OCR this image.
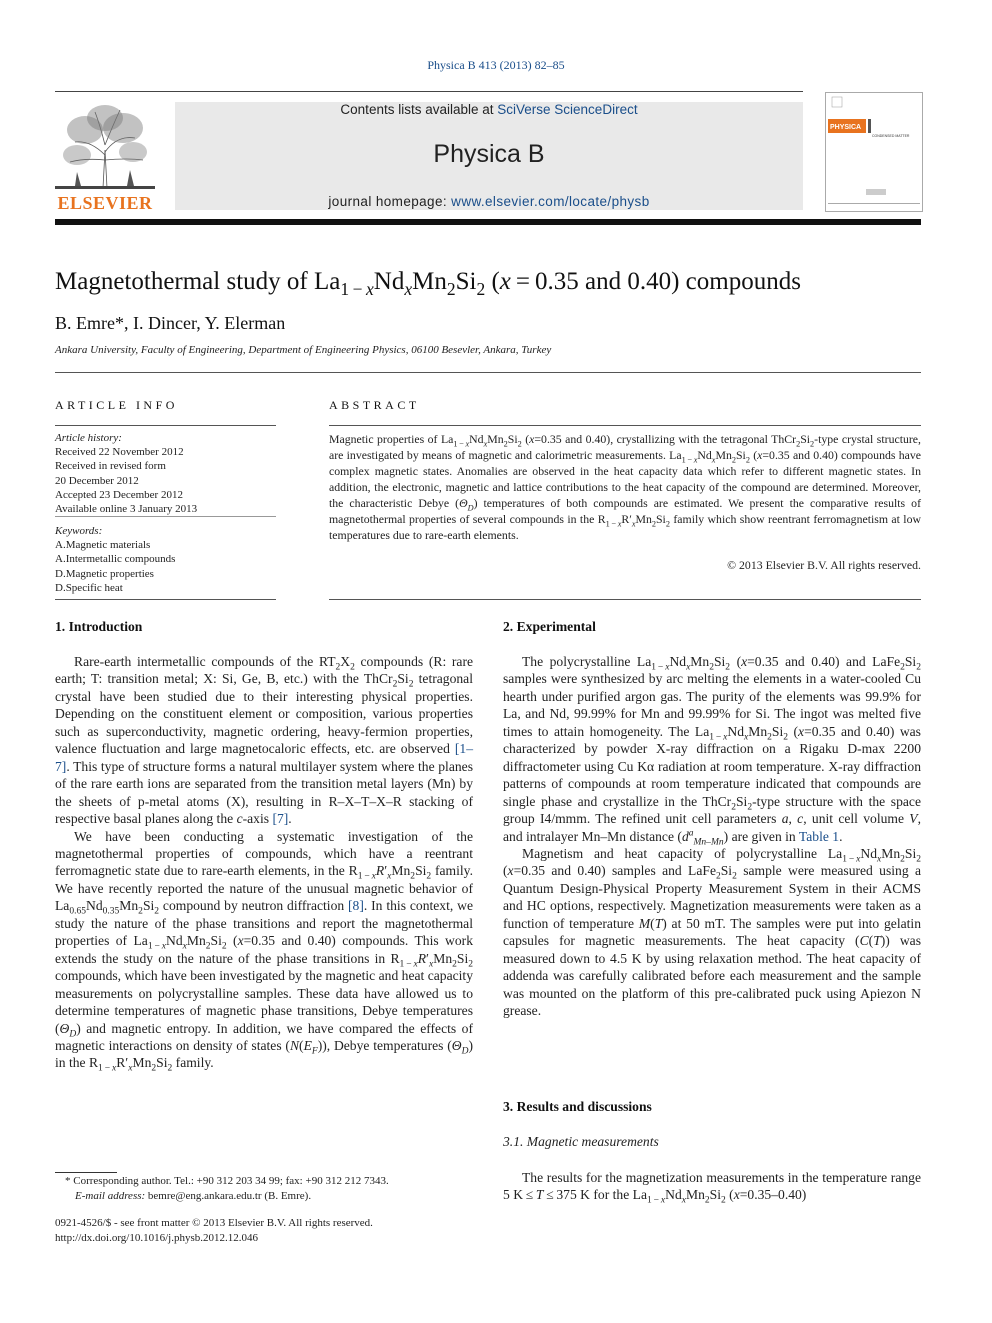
Physica B 413 (2013) 82–85
ELSEVIER
Contents lists available at SciVerse ScienceDirect
Physica B
journal homepage: www.elsevier.com/locate/physb
PHYSICA
CONDENSED MATTER
Magnetothermal study of $La_{1 - x}Nd_xMn_2Si_2$ (x = 0.35 and 0.40) compounds
B. Emre*, I. Dincer, Y. Elerman
Ankara University, Faculty of Engineering, Department of Engineering Physics, 06100 Besevler, Ankara, Turkey
ARTICLE INFO
Article history:
Received 22 November 2012
Received in revised form
20 December 2012
Accepted 23 December 2012
Available online 3 January 2013
Keywords:
A.Magnetic materials
A.Intermetallic compounds
D.Magnetic properties
D.Specific heat
ABSTRACT
Magnetic properties of $La_{1 - x}Nd_xMn_2Si_2$ (x=0.35 and 0.40), crystallizing with the tetragonal $ThCr_2Si_2$-type crystal structure, are investigated by means of magnetic and calorimetric measurements. $La_{1 - x}Nd_xMn_2Si_2$ (x=0.35 and 0.40) compounds have complex magnetic states. Anomalies are observed in the heat capacity data which refer to different magnetic states. In addition, the electronic, magnetic and lattice contributions to the heat capacity of the compound are determined. Moreover, the characteristic Debye $(\Theta_D)$ temperatures of both compounds are estimated. We present the comparative results of magnetothermal properties of several compounds in the $R_{1 - x}R'_xMn_2Si_2$ family which show reentrant ferromagnetism at low temperatures due to rare-earth elements.
© 2013 Elsevier B.V. All rights reserved.
1. Introduction

Rare-earth intermetallic compounds of the $RT_2X_2$ compounds (R: rare earth; T: transition metal; X: Si, Ge, B, etc.) with the $ThCr_2Si_2$ tetragonal crystal have been studied due to their interesting physical properties. Depending on the constituent element or composition, various properties such as superconductivity, magnetic ordering, heavy-fermion properties, valence fluctuation and large magnetocaloric effects, etc. are observed [1–7]. This type of structure forms a natural multilayer system where the planes of the rare earth ions are separated from the transition metal layers (Mn) by the sheets of p-metal atoms (X), resulting in R–X–T–X–R stacking of respective basal planes along the c-axis [7].

We have been conducting a systematic investigation of the magnetothermal properties of compounds, which have a reentrant ferromagnetic state due to rare-earth elements, in the $R_{1 - x}R'_xMn_2Si_2$ family. We have recently reported the nature of the unusual magnetic behavior of $La_{0.65}Nd_{0.35}Mn_2Si_2$ compound by neutron diffraction [8]. In this context, we study the nature of the phase transitions and report the magnetothermal properties of $La_{1 - x}Nd_xMn_2Si_2$ (x=0.35 and 0.40) compounds. This work extends the study on the nature of the phase transitions in $R_{1 - x}R'_xMn_2Si_2$ compounds, which have been investigated by the magnetic and heat capacity measurements on polycrystalline samples. These data have allowed us to determine temperatures of magnetic phase transitions, Debye temperatures $(\Theta_D)$ and magnetic entropy. In addition, we have compared the effects of magnetic interactions on density of states $(N(E_F))$, Debye temperatures $(\Theta_D)$ in the $R_{1 - x}R'_xMn_2Si_2$ family.

2. Experimental

The polycrystalline $La_{1 - x}Nd_xMn_2Si_2$ (x=0.35 and 0.40) and $LaFe_2Si_2$ samples were synthesized by arc melting the elements in a water-cooled Cu hearth under purified argon gas. The purity of the elements was 99.9% for La, and Nd, 99.99% for Mn and 99.99% for Si. The ingot was melted five times to attain homogeneity. The $La_{1 - x}Nd_xMn_2Si_2$ (x=0.35 and 0.40) was characterized by powder X-ray diffraction on a Rigaku D-max 2200 diffractometer using Cu Kα radiation at room temperature. X-ray diffraction patterns of compounds at room temperature indicated that compounds are single phase and crystallize in the $ThCr_2Si_2$-type structure with the space group I4/mmm. The refined unit cell parameters a, c, unit cell volume V, and intralayer Mn–Mn distance $(d^a_{Mn-Mn})$ are given in Table 1.

Magnetism and heat capacity of polycrystalline $La_{1 - x}Nd_xMn_2Si_2$ (x=0.35 and 0.40) samples and $LaFe_2Si_2$ sample were measured using a Quantum Design-Physical Property Measurement System in their ACMS and HC options, respectively. Magnetization measurements were taken as a function of temperature M(T) at 50 mT. The samples were put into gelatin capsules for magnetic measurements. The heat capacity (C(T)) was measured down to 4.5 K by using relaxation method. The heat capacity of addenda was carefully calibrated before each measurement and the sample was mounted on the platform of this pre-calibrated puck using Apiezon N grease.

3. Results and discussions
3.1. Magnetic measurements

The results for the magnetization measurements in the temperature range 5 K ≤ T ≤ 375 K for the $La_{1 - x}Nd_xMn_2Si_2$ (x=0.35–0.40)

* Corresponding author. Tel.: +90 312 203 34 99; fax: +90 312 212 7343.
E-mail address: bemre@eng.ankara.edu.tr (B. Emre).
0921-4526/$ - see front matter © 2013 Elsevier B.V. All rights reserved.
http://dx.doi.org/10.1016/j.physb.2012.12.046
